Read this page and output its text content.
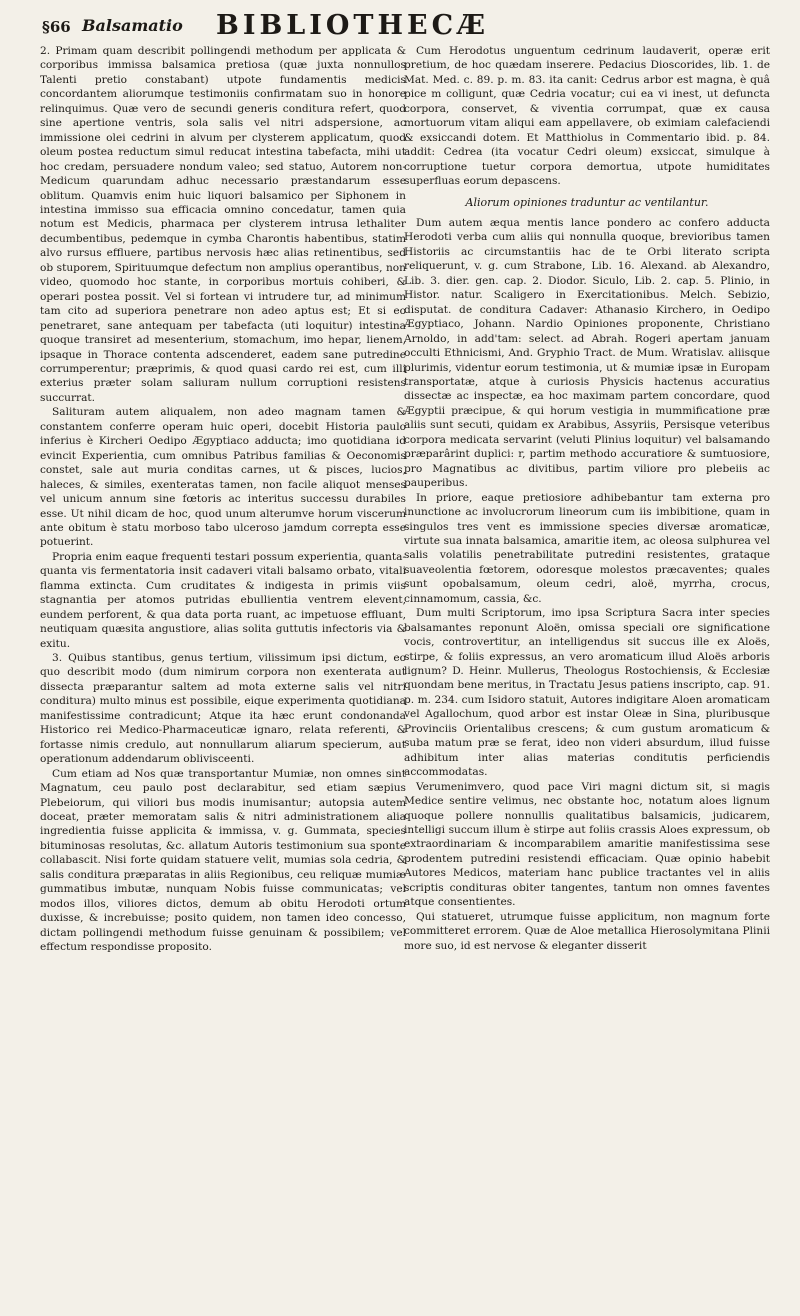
§66 Balsamatio BIBLIOTHECÆ

2. Primam quam describit pollingendi methodum per applicata & corporibus immissa balsamica pretiosa (quæ juxta nonnullos Talenti pretio constabant) utpote fundamentis medicis concordantem aliorumque testimoniis confirmatam suo in honore relinquimus. Quæ vero de secundi generis conditura refert, quod sine apertione ventris, sola salis vel nitri adspersione, ac immissione olei cedrini in alvum per clysterem applicatum, quod oleum postea reductum simul reducat intestina tabefacta, mihi ut hoc credam, persuadere nondum valeo; sed statuo, Autorem non-Medicum quarundam adhuc necessario præstandarum esse oblitum. Quamvis enim huic liquori balsamico per Siphonem in intestina immisso sua efficacia omnino concedatur, tamen quia notum est Medicis, pharmaca per clysterem intrusa lethaliter decumbentibus, pedemque in cymba Charontis habentibus, statim alvo rursus effluere, partibus nervosis hæc alias retinentibus, sed ob stuporem, Spirituumque defectum non amplius operantibus, non video, quomodo hoc stante, in corporibus mortuis cohiberi, & operari postea possit. Vel si fortean vi intrudere tur, ad minimum tam cito ad superiora penetrare non adeo aptus est; Et si eo penetraret, sane antequam per tabefacta (uti loquitur) intestina quoque transiret ad mesenterium, stomachum, imo hepar, lienem, ipsaque in Thorace contenta adscenderet, eadem sane putredine corrumperentur; præprimis, & quod quasi cardo rei est, cum illi exterius præter solam saliuram nullum corruptioni resistens succurrat.

Salituram autem aliqualem, non adeo magnam tamen & constantem conferre operam huic operi, docebit Historia paulo inferius è Kircheri Oedipo Ægyptiaco adducta; imo quotidiana id evincit Experientia, cum omnibus Patribus familias & Oeconomis constet, sale aut muria conditas carnes, ut & pisces, lucios, haleces, & similes, exenteratas tamen, non facile aliquot menses vel unicum annum sine fœtoris ac interitus successu durabiles esse. Ut nihil dicam de hoc, quod unum alterumve horum viscerum ante obitum è statu morboso tabo ulceroso jamdum correpta esse potuerint.

Propria enim eaque frequenti testari possum experientia, quanta-quanta vis fermentatoria insit cadaveri vitali balsamo orbato, vitali flamma extincta. Cum cruditates & indigesta in primis viis stagnantia per atomos putridas ebullientia ventrem elevent, eundem perforent, & qua data porta ruant, ac impetuose effluant, neutiquam quæsita angustiore, alias solita guttutis infectoris via & exitu.

3. Quibus stantibus, genus tertium, vilissimum ipsi dictum, eo quo describit modo (dum nimirum corpora non exenterata aut dissecta præparantur saltem ad mota externe salis vel nitri conditura) multo minus est possibile, eique experimenta quotidiana manifestissime contradicunt; Atque ita hæc erunt condonanda Historico rei Medico-Pharmaceuticæ ignaro, relata referenti, & fortasse nimis credulo, aut nonnullarum aliarum specierum, aut operationum addendarum oblivisceenti.

Cum etiam ad Nos quæ transportantur Mumiæ, non omnes sint Magnatum, ceu paulo post declarabitur, sed etiam sæpius Plebeiorum, qui viliori bus modis inumisantur; autopsia autem doceat, præter memoratam salis & nitri administrationem alia ingredientia fuisse applicita & immissa, v. g. Gummata, species bituminosas resolutas, &c. allatum Autoris testimonium sua sponte collabascit. Nisi forte quidam statuere velit, mumias sola cedria, & salis conditura præparatas in aliis Regionibus, ceu reliquæ mumiæ gummatibus imbutæ, nunquam Nobis fuisse communicatas; vel modos illos, viliores dictos, demum ab obitu Herodoti ortum duxisse, & increbuisse; posito quidem, non tamen ideo concesso, dictam pollingendi methodum fuisse genuinam & possibilem; vel effectum respondisse proposito.

Cum Herodotus unguentum cedrinum laudaverit, operæ erit pretium, de hoc quædam inserere. Pedacius Dioscorides, lib. 1. de Mat. Med. c. 89. p. m. 83. ita canit: Cedrus arbor est magna, è quâ pice m colligunt, quæ Cedria vocatur; cui ea vi inest, ut defuncta corpora, conservet, & viventia corrumpat, quæ ex causa mortuorum vitam aliqui eam appellavere, ob eximiam calefaciendi & exsiccandi dotem. Et Matthiolus in Commentario ibid. p. 84. addit: Cedrea (ita vocatur Cedri oleum) exsiccat, simulque à corruptione tuetur corpora demortua, utpote humiditates superfluas eorum depascens.

Aliorum opiniones traduntur ac ventilantur.

Dum autem æqua mentis lance pondero ac confero adducta Herodoti verba cum aliis qui nonnulla quoque, brevioribus tamen Historiis ac circumstantiis hac de te Orbi literato scripta reliquerunt, v. g. cum Strabone, Lib. 16. Alexand. ab Alexandro, Lib. 3. dier. gen. cap. 2. Diodor. Siculo, Lib. 2. cap. 5. Plinio, in Histor. natur. Scaligero in Exercitationibus. Melch. Sebizio, disputat. de conditura Cadaver: Athanasio Kirchero, in Oedipo Ægyptiaco, Johann. Nardio Opiniones proponente, Christiano Arnoldo, in add'tam: select. ad Abrah. Rogeri apertam januam occulti Ethnicismi, And. Gryphio Tract. de Mum. Wratislav. aliisque plurimis, videntur eorum testimonia, ut & mumiæ ipsæ in Europam transportatæ, atque à curiosis Physicis hactenus accuratius dissectæ ac inspectæ, ea hoc maximam partem concordare, quod Ægyptii præcipue, & qui horum vestigia in mummificatione præ aliis sunt secuti, quidam ex Arabibus, Assyriis, Persisque veteribus corpora medicata servarint (veluti Plinius loquitur) vel balsamando præparârint duplici: r, partim methodo accuratiore & sumtuosiore, pro Magnatibus ac divitibus, partim viliore pro plebeiis ac pauperibus.

In priore, eaque pretiosiore adhibebantur tam externa pro inunctione ac involucrorum lineorum cum iis imbibitione, quam in singulos tres vent es immissione species diversæ aromaticæ, virtute sua innata balsamica, amaritie item, ac oleosa sulphurea vel salis volatilis penetrabilitate putredini resistentes, grataque suaveolentia fœtorem, odoresque molestos præcaventes; quales sunt opobalsamum, oleum cedri, aloë, myrrha, crocus, cinnamomum, cassia, &c.

Dum multi Scriptorum, imo ipsa Scriptura Sacra inter species balsamantes reponunt Aloën, omissa speciali ore significatione vocis, controvertitur, an intelligendus sit succus ille ex Aloës, stirpe, & foliis expressus, an vero aromaticum illud Aloës arboris lignum? D. Heinr. Mullerus, Theologus Rostochiensis, & Ecclesiæ quondam bene meritus, in Tractatu Jesus patiens inscripto, cap. 91. p. m. 234. cum Isidoro statuit, Autores indigitare Aloen aromaticam vel Agallochum, quod arbor est instar Oleæ in Sina, pluribusque Provinciis Orientalibus crescens; & cum gustum aromaticum & suba matum præ se ferat, ideo non videri absurdum, illud fuisse adhibitum inter alias materias conditutis perficiendis accommodatas.

Verumenimvero, quod pace Viri magni dictum sit, si magis Medice sentire velimus, nec obstante hoc, notatum aloes lignum quoque pollere nonnullis qualitatibus balsamicis, judicarem, intelligi succum illum è stirpe aut foliis crassis Aloes expressum, ob extraordinariam & incomparabilem amaritie manifestissima sese prodentem putredini resistendi efficaciam. Quæ opinio habebit Autores Medicos, materiam hanc publice tractantes vel in aliis scriptis condituras obiter tangentes, tantum non omnes faventes atque consentientes.

Qui statueret, utrumque fuisse applicitum, non magnum forte committeret errorem. Quæ de Aloe metallica Hierosolymitana Plinii more suo, id est nervose & eleganter disserit
